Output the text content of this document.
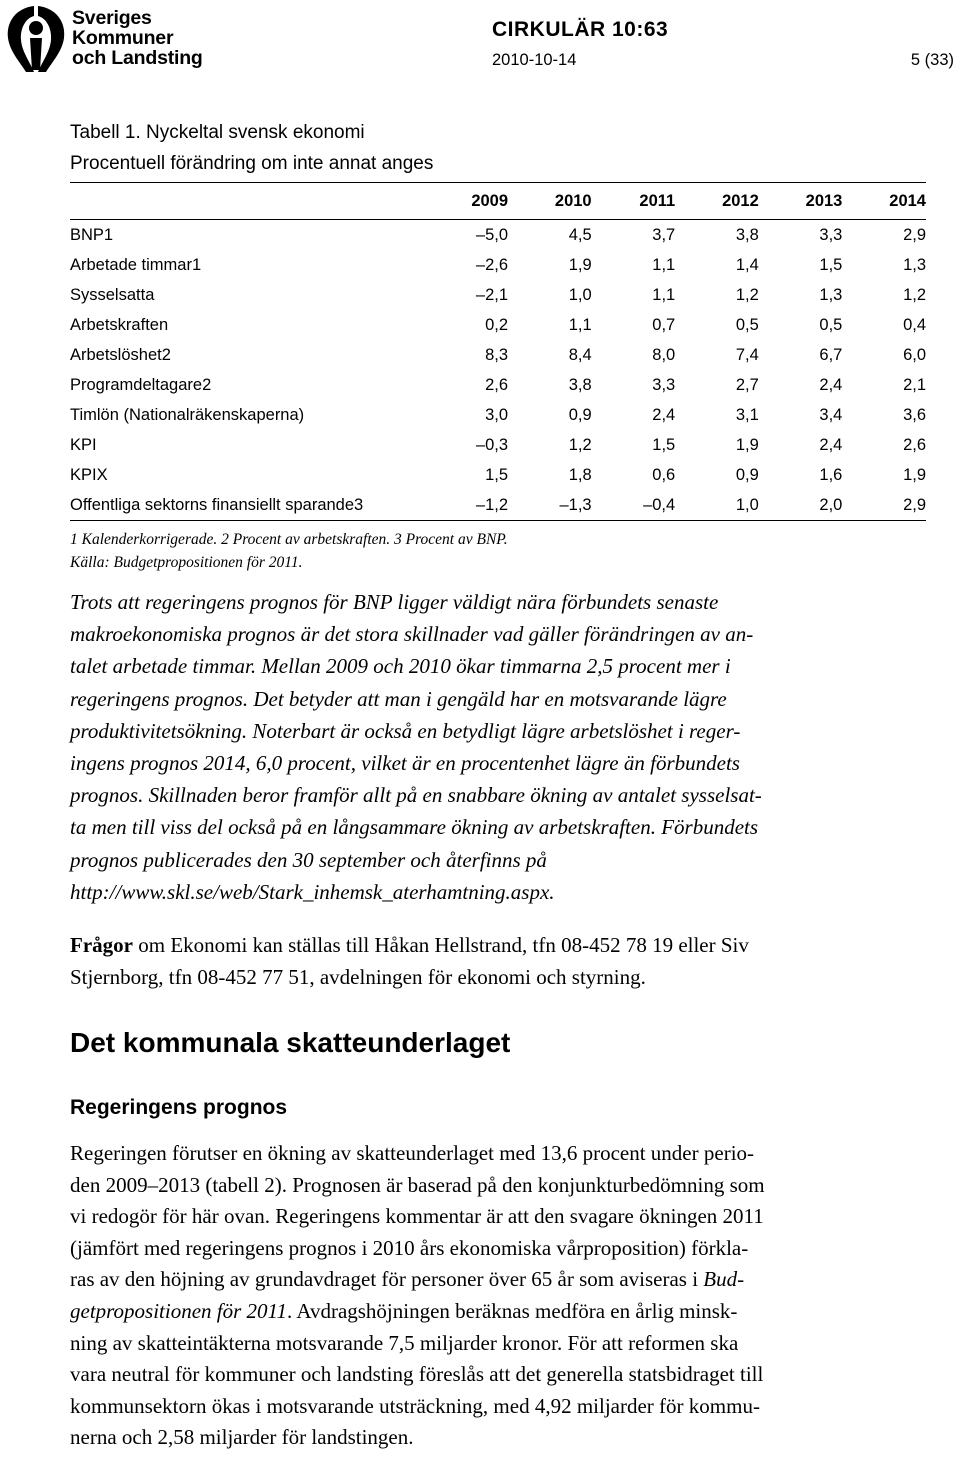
Sveriges
Kommuner
och Landsting
CIRKULÄR 10:63
2010-10-14	5 (33)
Tabell 1. Nyckeltal svensk ekonomi
Procentuell förändring om inte annat anges
	2009	2010	2011	2012	2013	2014
BNP1	–5,0	4,5	3,7	3,8	3,3	2,9
Arbetade timmar1	–2,6	1,9	1,1	1,4	1,5	1,3
Sysselsatta	–2,1	1,0	1,1	1,2	1,3	1,2
Arbetskraften	0,2	1,1	0,7	0,5	0,5	0,4
Arbetslöshet2	8,3	8,4	8,0	7,4	6,7	6,0
Programdeltagare2	2,6	3,8	3,3	2,7	2,4	2,1
Timlön (Nationalräkenskaperna)	3,0	0,9	2,4	3,1	3,4	3,6
KPI	–0,3	1,2	1,5	1,9	2,4	2,6
KPIX	1,5	1,8	0,6	0,9	1,6	1,9
Offentliga sektorns finansiellt sparande3	–1,2	–1,3	–0,4	1,0	2,0	2,9
1 Kalenderkorrigerade. 2 Procent av arbetskraften. 3 Procent av BNP.
Källa: Budgetpropositionen för 2011.
Trots att regeringens prognos för BNP ligger väldigt nära förbundets senaste
makroekonomiska prognos är det stora skillnader vad gäller förändringen av an-
talet arbetade timmar. Mellan 2009 och 2010 ökar timmarna 2,5 procent mer i
regeringens prognos. Det betyder att man i gengäld har en motsvarande lägre
produktivitetsökning. Noterbart är också en betydligt lägre arbetslöshet i reger-
ingens prognos 2014, 6,0 procent, vilket är en procentenhet lägre än förbundets
prognos. Skillnaden beror framför allt på en snabbare ökning av antalet sysselsat-
ta men till viss del också på en långsammare ökning av arbetskraften. Förbundets
prognos publicerades den 30 september och återfinns på
http://www.skl.se/web/Stark_inhemsk_aterhamtning.aspx.
Frågor om Ekonomi kan ställas till Håkan Hellstrand, tfn 08-452 78 19 eller Siv
Stjernborg, tfn 08-452 77 51, avdelningen för ekonomi och styrning.
Det kommunala skatteunderlaget
Regeringens prognos
Regeringen förutser en ökning av skatteunderlaget med 13,6 procent under perio-
den 2009–2013 (tabell 2). Prognosen är baserad på den konjunkturbedömning som
vi redogör för här ovan. Regeringens kommentar är att den svagare ökningen 2011
(jämfört med regeringens prognos i 2010 års ekonomiska vårproposition) förkla-
ras av den höjning av grundavdraget för personer över 65 år som aviseras i Bud-
getpropositionen för 2011. Avdragshöjningen beräknas medföra en årlig minsk-
ning av skatteintäkterna motsvarande 7,5 miljarder kronor. För att reformen ska
vara neutral för kommuner och landsting föreslås att det generella statsbidraget till
kommunsektorn ökas i motsvarande utsträckning, med 4,92 miljarder för kommu-
nerna och 2,58 miljarder för landstingen.
